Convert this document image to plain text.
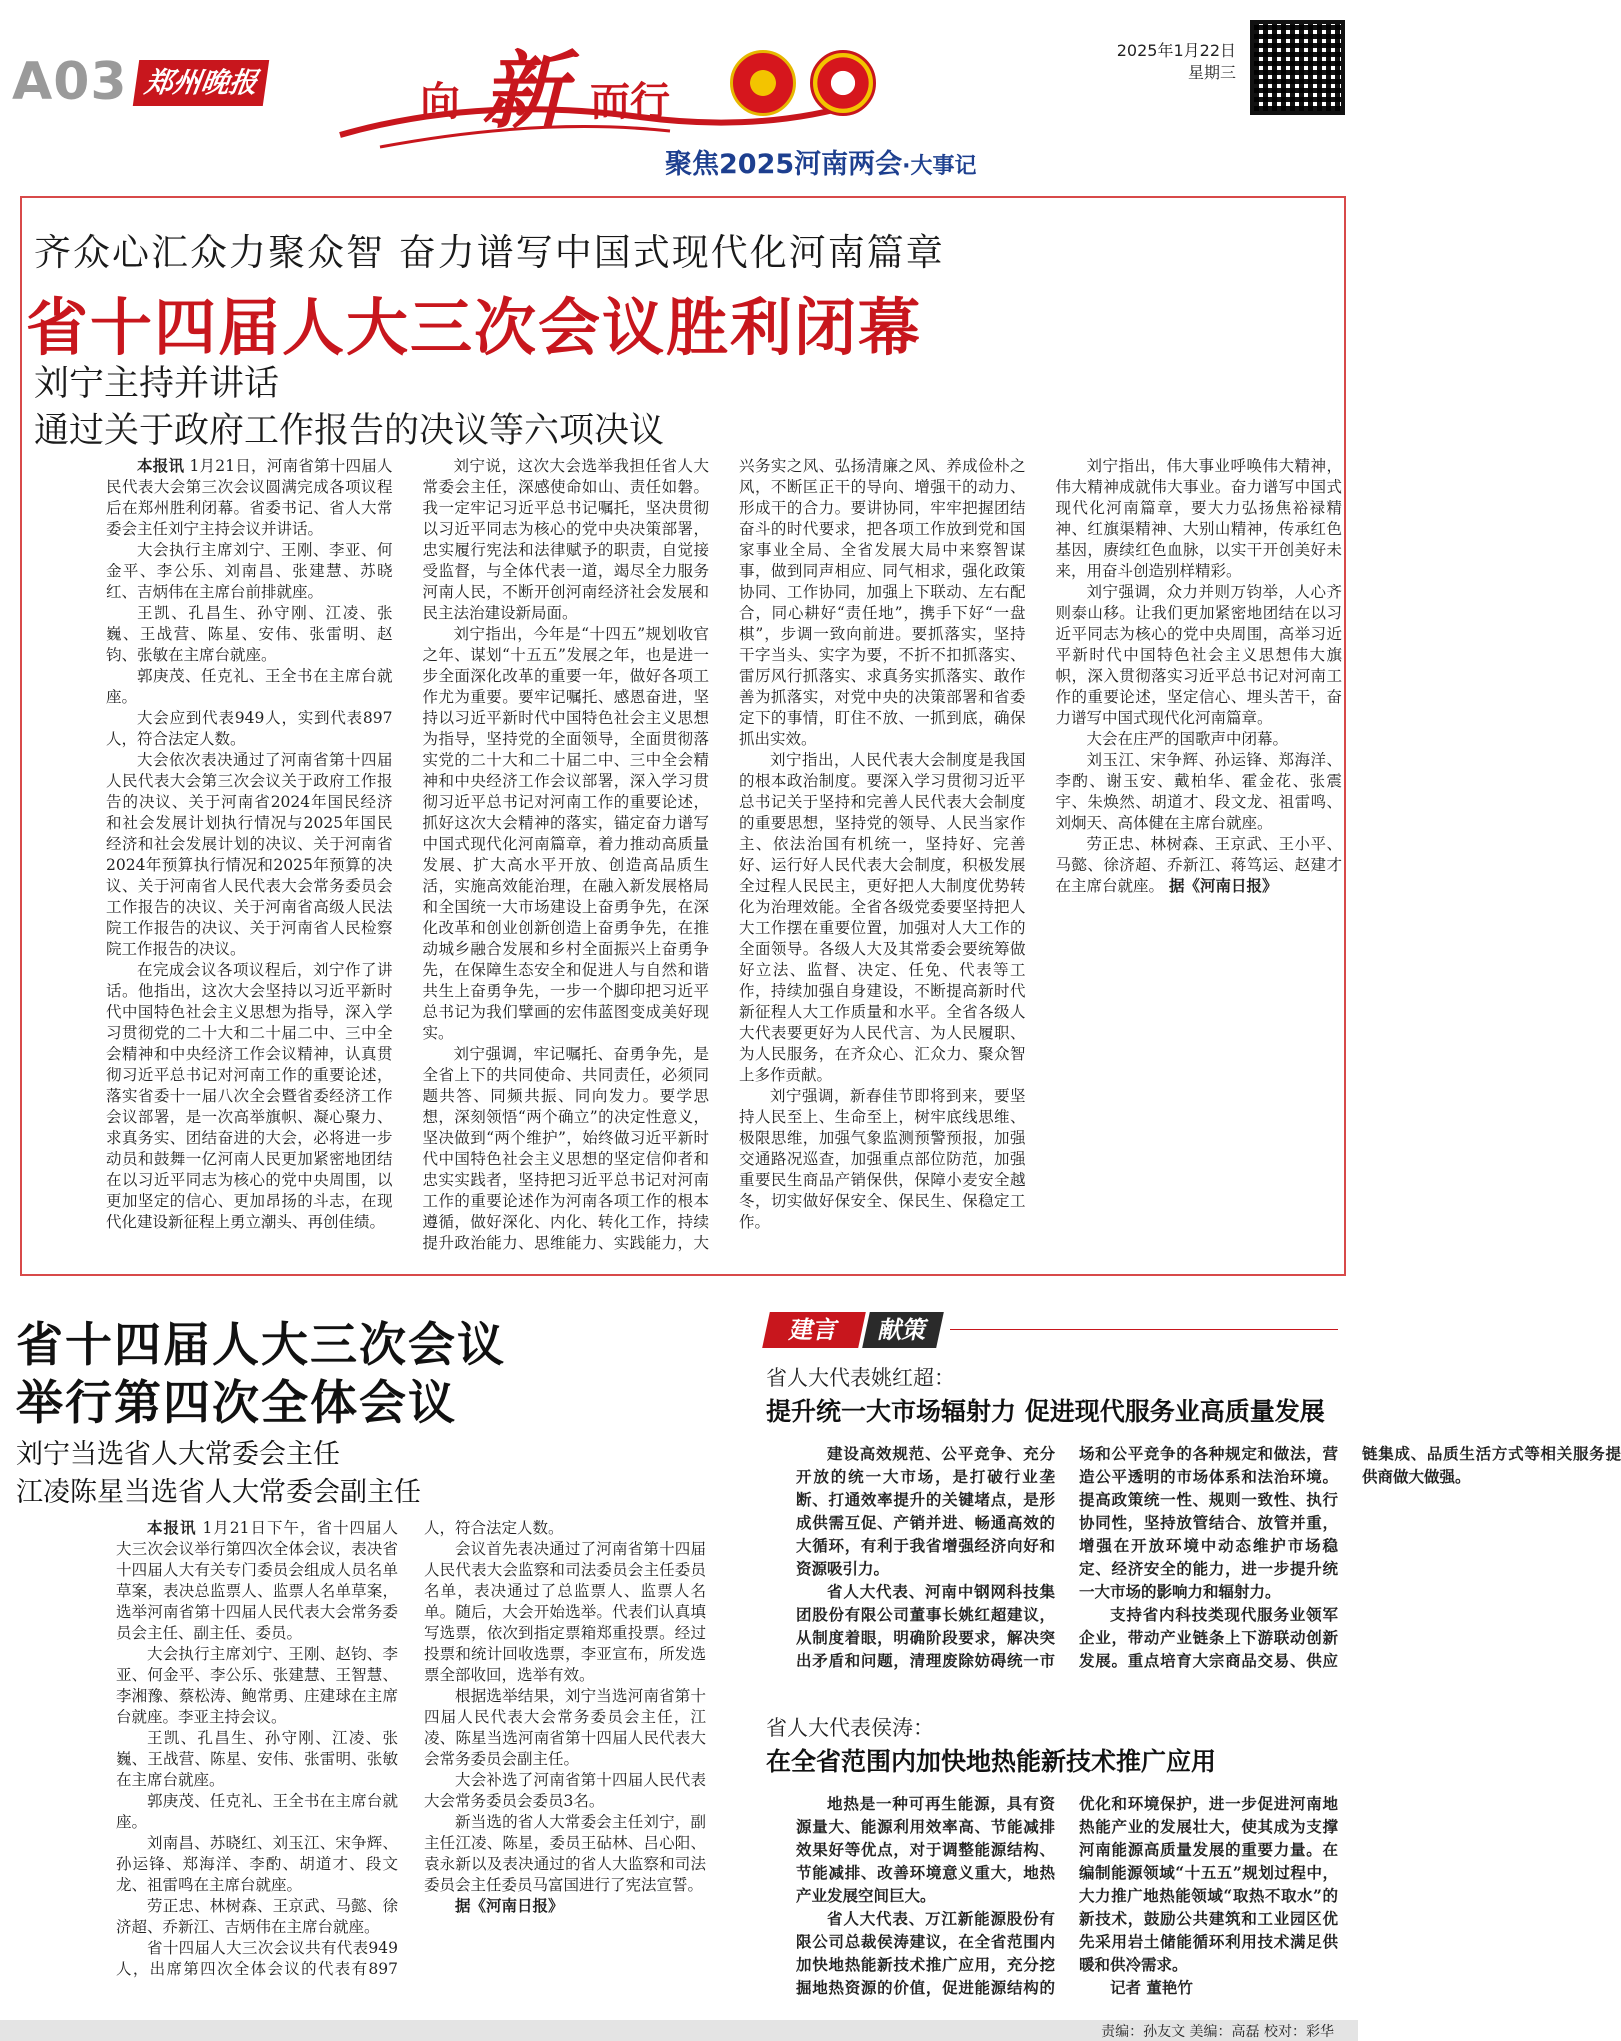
A03 郑州晚报	向 新 而行
聚焦2025河南两会·大事记
2025年1月22日
星期三
齐众心汇众力聚众智 奋力谱写中国式现代化河南篇章
省十四届人大三次会议胜利闭幕
刘宁主持并讲话
通过关于政府工作报告的决议等六项决议

本报讯 1月21日，河南省第十四届人民代表大会第三次会议圆满完成各项议程后在郑州胜利闭幕。省委书记、省人大常委会主任刘宁主持会议并讲话。

大会执行主席刘宁、王刚、李亚、何金平、李公乐、刘南昌、张建慧、苏晓红、吉炳伟在主席台前排就座。

王凯、孔昌生、孙守刚、江凌、张巍、王战营、陈星、安伟、张雷明、赵钧、张敏在主席台就座。

郭庚茂、任克礼、王全书在主席台就座。

大会应到代表949人，实到代表897人，符合法定人数。

大会依次表决通过了河南省第十四届人民代表大会第三次会议关于政府工作报告的决议、关于河南省2024年国民经济和社会发展计划执行情况与2025年国民经济和社会发展计划的决议、关于河南省2024年预算执行情况和2025年预算的决议、关于河南省人民代表大会常务委员会工作报告的决议、关于河南省高级人民法院工作报告的决议、关于河南省人民检察院工作报告的决议。

在完成会议各项议程后，刘宁作了讲话。他指出，这次大会坚持以习近平新时代中国特色社会主义思想为指导，深入学习贯彻党的二十大和二十届二中、三中全会精神和中央经济工作会议精神，认真贯彻习近平总书记对河南工作的重要论述，落实省委十一届八次全会暨省委经济工作会议部署，是一次高举旗帜、凝心聚力、求真务实、团结奋进的大会，必将进一步动员和鼓舞一亿河南人民更加紧密地团结在以习近平同志为核心的党中央周围，以更加坚定的信心、更加昂扬的斗志，在现代化建设新征程上勇立潮头、再创佳绩。

刘宁说，这次大会选举我担任省人大常委会主任，深感使命如山、责任如磐。我一定牢记习近平总书记嘱托，坚决贯彻以习近平同志为核心的党中央决策部署，忠实履行宪法和法律赋予的职责，自觉接受监督，与全体代表一道，竭尽全力服务河南人民，不断开创河南经济社会发展和民主法治建设新局面。

刘宁指出，今年是“十四五”规划收官之年、谋划“十五五”发展之年，也是进一步全面深化改革的重要一年，做好各项工作尤为重要。要牢记嘱托、感恩奋进，坚持以习近平新时代中国特色社会主义思想为指导，坚持党的全面领导，全面贯彻落实党的二十大和二十届二中、三中全会精神和中央经济工作会议部署，深入学习贯彻习近平总书记对河南工作的重要论述，抓好这次大会精神的落实，锚定奋力谱写中国式现代化河南篇章，着力推动高质量发展、扩大高水平开放、创造高品质生活，实施高效能治理，在融入新发展格局和全国统一大市场建设上奋勇争先，在深化改革和创业创新创造上奋勇争先，在推动城乡融合发展和乡村全面振兴上奋勇争先，在保障生态安全和促进人与自然和谐共生上奋勇争先，一步一个脚印把习近平总书记为我们擘画的宏伟蓝图变成美好现实。

刘宁强调，牢记嘱托、奋勇争先，是全省上下的共同使命、共同责任，必须同题共答、同频共振、同向发力。要学思想，深刻领悟“两个确立”的决定性意义，坚决做到“两个维护”，始终做习近平新时代中国特色社会主义思想的坚定信仰者和忠实实践者，坚持把习近平总书记对河南工作的重要论述作为河南各项工作的根本遵循，做好深化、内化、转化工作，持续提升政治能力、思维能力、实践能力，大兴务实之风、弘扬清廉之风、养成俭朴之风，不断匡正干的导向、增强干的动力、形成干的合力。要讲协同，牢牢把握团结奋斗的时代要求，把各项工作放到党和国家事业全局、全省发展大局中来察智谋事，做到同声相应、同气相求，强化政策协同、工作协同，加强上下联动、左右配合，同心耕好“责任地”，携手下好“一盘棋”，步调一致向前进。要抓落实，坚持干字当头、实字为要，不折不扣抓落实、雷厉风行抓落实、求真务实抓落实、敢作善为抓落实，对党中央的决策部署和省委定下的事情，盯住不放、一抓到底，确保抓出实效。

刘宁指出，人民代表大会制度是我国的根本政治制度。要深入学习贯彻习近平总书记关于坚持和完善人民代表大会制度的重要思想，坚持党的领导、人民当家作主、依法治国有机统一，坚持好、完善好、运行好人民代表大会制度，积极发展全过程人民民主，更好把人大制度优势转化为治理效能。全省各级党委要坚持把人大工作摆在重要位置，加强对人大工作的全面领导。各级人大及其常委会要统筹做好立法、监督、决定、任免、代表等工作，持续加强自身建设，不断提高新时代新征程人大工作质量和水平。全省各级人大代表要更好为人民代言、为人民履职、为人民服务，在齐众心、汇众力、聚众智上多作贡献。

刘宁强调，新春佳节即将到来，要坚持人民至上、生命至上，树牢底线思维、极限思维，加强气象监测预警预报，加强交通路况巡查，加强重点部位防范，加强重要民生商品产销保供，保障小麦安全越冬，切实做好保安全、保民生、保稳定工作。

刘宁指出，伟大事业呼唤伟大精神，伟大精神成就伟大事业。奋力谱写中国式现代化河南篇章，要大力弘扬焦裕禄精神、红旗渠精神、大别山精神，传承红色基因，赓续红色血脉，以实干开创美好未来，用奋斗创造别样精彩。

刘宁强调，众力并则万钧举，人心齐则泰山移。让我们更加紧密地团结在以习近平同志为核心的党中央周围，高举习近平新时代中国特色社会主义思想伟大旗帜，深入贯彻落实习近平总书记对河南工作的重要论述，坚定信心、埋头苦干，奋力谱写中国式现代化河南篇章。

大会在庄严的国歌声中闭幕。

刘玉江、宋争辉、孙运锋、郑海洋、李酌、谢玉安、戴柏华、霍金花、张震宇、朱焕然、胡道才、段文龙、祖雷鸣、刘炯天、高体健在主席台就座。

劳正忠、林树森、王京武、王小平、马懿、徐济超、乔新江、蒋笃运、赵建才在主席台就座。 据《河南日报》

省十四届人大三次会议
举行第四次全体会议
刘宁当选省人大常委会主任
江凌陈星当选省人大常委会副主任

本报讯 1月21日下午，省十四届人大三次会议举行第四次全体会议，表决省十四届人大有关专门委员会组成人员名单草案，表决总监票人、监票人名单草案，选举河南省第十四届人民代表大会常务委员会主任、副主任、委员。

大会执行主席刘宁、王刚、赵钧、李亚、何金平、李公乐、张建慧、王智慧、李湘豫、蔡松涛、鲍常勇、庄建球在主席台就座。李亚主持会议。

王凯、孔昌生、孙守刚、江凌、张巍、王战营、陈星、安伟、张雷明、张敏在主席台就座。

郭庚茂、任克礼、王全书在主席台就座。

刘南昌、苏晓红、刘玉江、宋争辉、孙运锋、郑海洋、李酌、胡道才、段文龙、祖雷鸣在主席台就座。

劳正忠、林树森、王京武、马懿、徐济超、乔新江、吉炳伟在主席台就座。

省十四届人大三次会议共有代表949人，出席第四次全体会议的代表有897人，符合法定人数。

会议首先表决通过了河南省第十四届人民代表大会监察和司法委员会主任委员名单，表决通过了总监票人、监票人名单。随后，大会开始选举。代表们认真填写选票，依次到指定票箱郑重投票。经过投票和统计回收选票，李亚宣布，所发选票全部收回，选举有效。

根据选举结果，刘宁当选河南省第十四届人民代表大会常务委员会主任，江凌、陈星当选河南省第十四届人民代表大会常务委员会副主任。

大会补选了河南省第十四届人民代表大会常务委员会委员3名。

新当选的省人大常委会主任刘宁，副主任江凌、陈星，委员王砧林、吕心阳、袁永新以及表决通过的省人大监察和司法委员会主任委员马富国进行了宪法宣誓。

据《河南日报》

建言	献策
省人大代表姚红超：
提升统一大市场辐射力 促进现代服务业高质量发展

建设高效规范、公平竞争、充分开放的统一大市场，是打破行业垄断、打通效率提升的关键堵点，是形成供需互促、产销并进、畅通高效的大循环，有利于我省增强经济向好和资源吸引力。

省人大代表、河南中钢网科技集团股份有限公司董事长姚红超建议，从制度着眼，明确阶段要求，解决突出矛盾和问题，清理废除妨碍统一市场和公平竞争的各种规定和做法，营造公平透明的市场体系和法治环境。提高政策统一性、规则一致性、执行协同性，坚持放管结合、放管并重，增强在开放环境中动态维护市场稳定、经济安全的能力，进一步提升统一大市场的影响力和辐射力。

支持省内科技类现代服务业领军企业，带动产业链条上下游联动创新发展。重点培育大宗商品交易、供应链集成、品质生活方式等相关服务提供商做大做强。

省人大代表侯涛：
在全省范围内加快地热能新技术推广应用

地热是一种可再生能源，具有资源量大、能源利用效率高、节能减排效果好等优点，对于调整能源结构、节能减排、改善环境意义重大，地热产业发展空间巨大。

省人大代表、万江新能源股份有限公司总裁侯涛建议，在全省范围内加快地热能新技术推广应用，充分挖掘地热资源的价值，促进能源结构的优化和环境保护，进一步促进河南地热能产业的发展壮大，使其成为支撑河南能源高质量发展的重要力量。在编制能源领域“十五五”规划过程中，大力推广地热能领域“取热不取水”的新技术，鼓励公共建筑和工业园区优先采用岩土储能循环利用技术满足供暖和供冷需求。

记者 董艳竹

责编：孙友文 美编：高磊 校对：彩华
